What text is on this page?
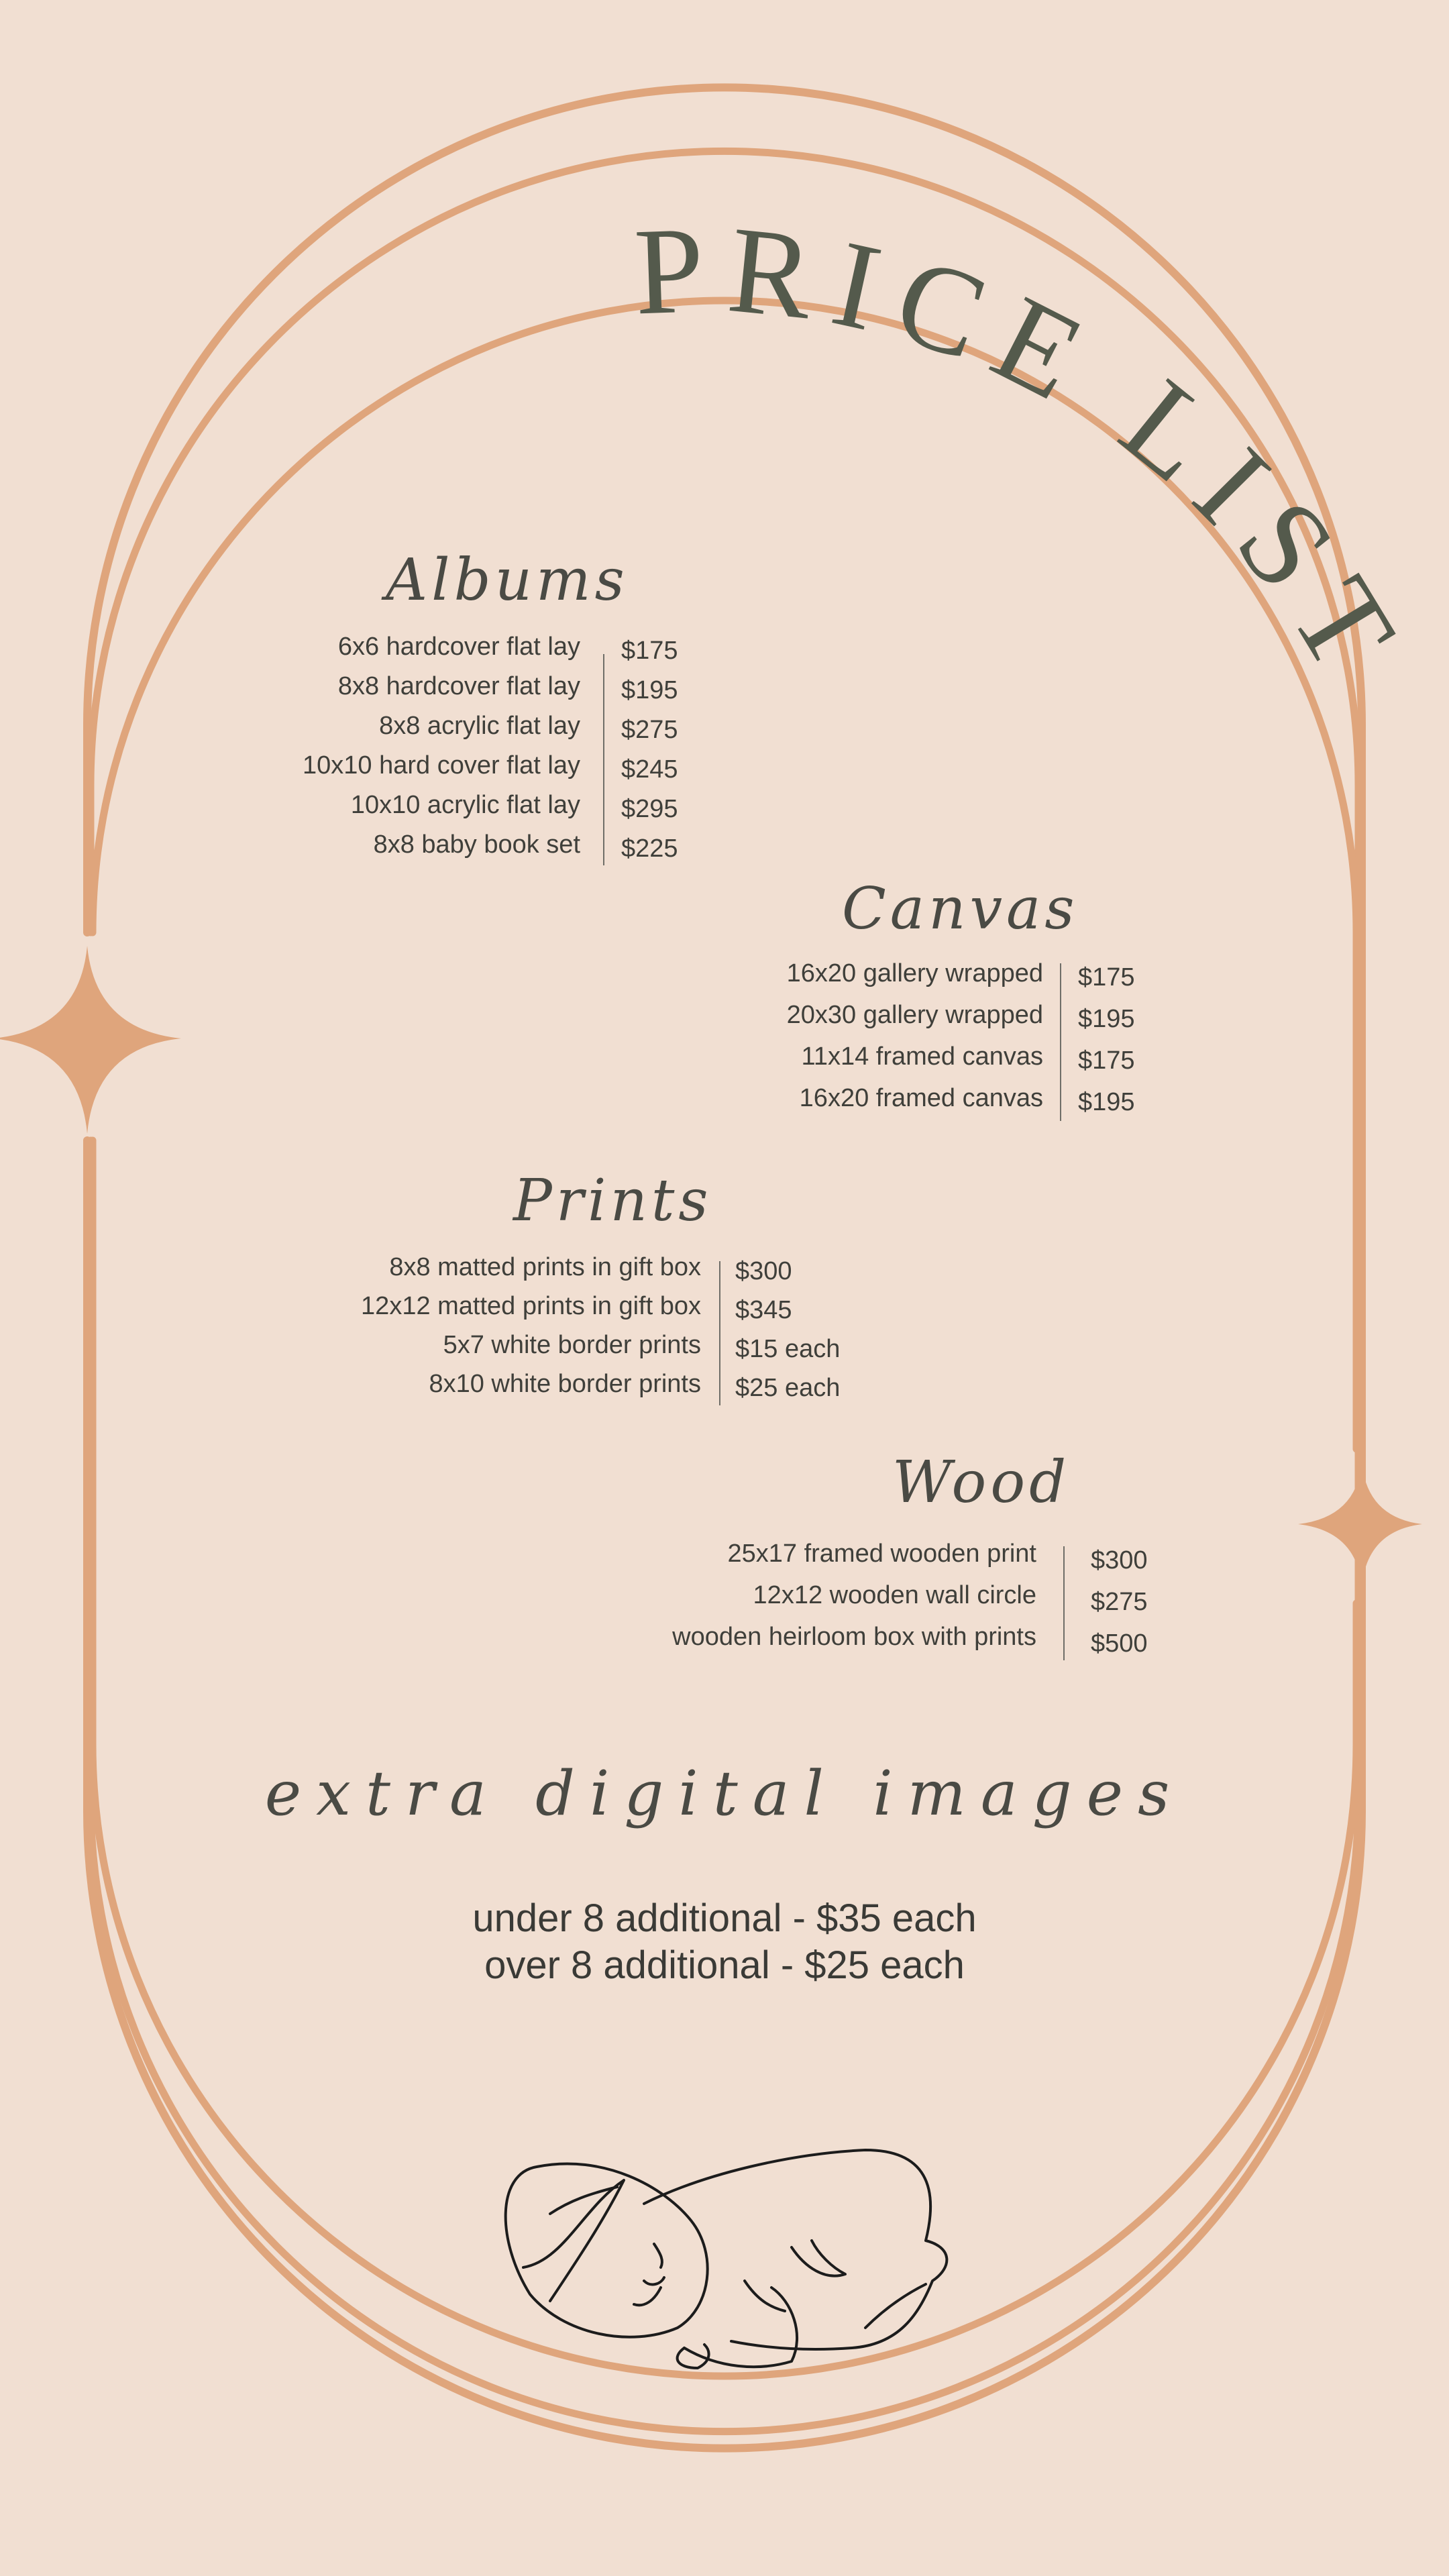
PRICE LIST
Albums
6x6 hardcover flat lay
8x8 hardcover flat lay
8x8 acrylic flat lay
10x10 hard cover flat lay
10x10 acrylic flat lay
8x8 baby book set
$175
$195
$275
$245
$295
$225
Canvas
16x20 gallery wrapped
20x30 gallery wrapped
11x14 framed canvas
16x20 framed canvas
$175
$195
$175
$195
Prints
8x8 matted prints in gift box
12x12 matted prints in gift box
5x7 white border prints
8x10 white border prints
$300
$345
$15 each
$25 each
Wood
25x17 framed wooden print
12x12 wooden wall circle
wooden heirloom box with prints
$300
$275
$500
extra digital images
under 8 additional - $35 each
over 8 additional - $25 each
